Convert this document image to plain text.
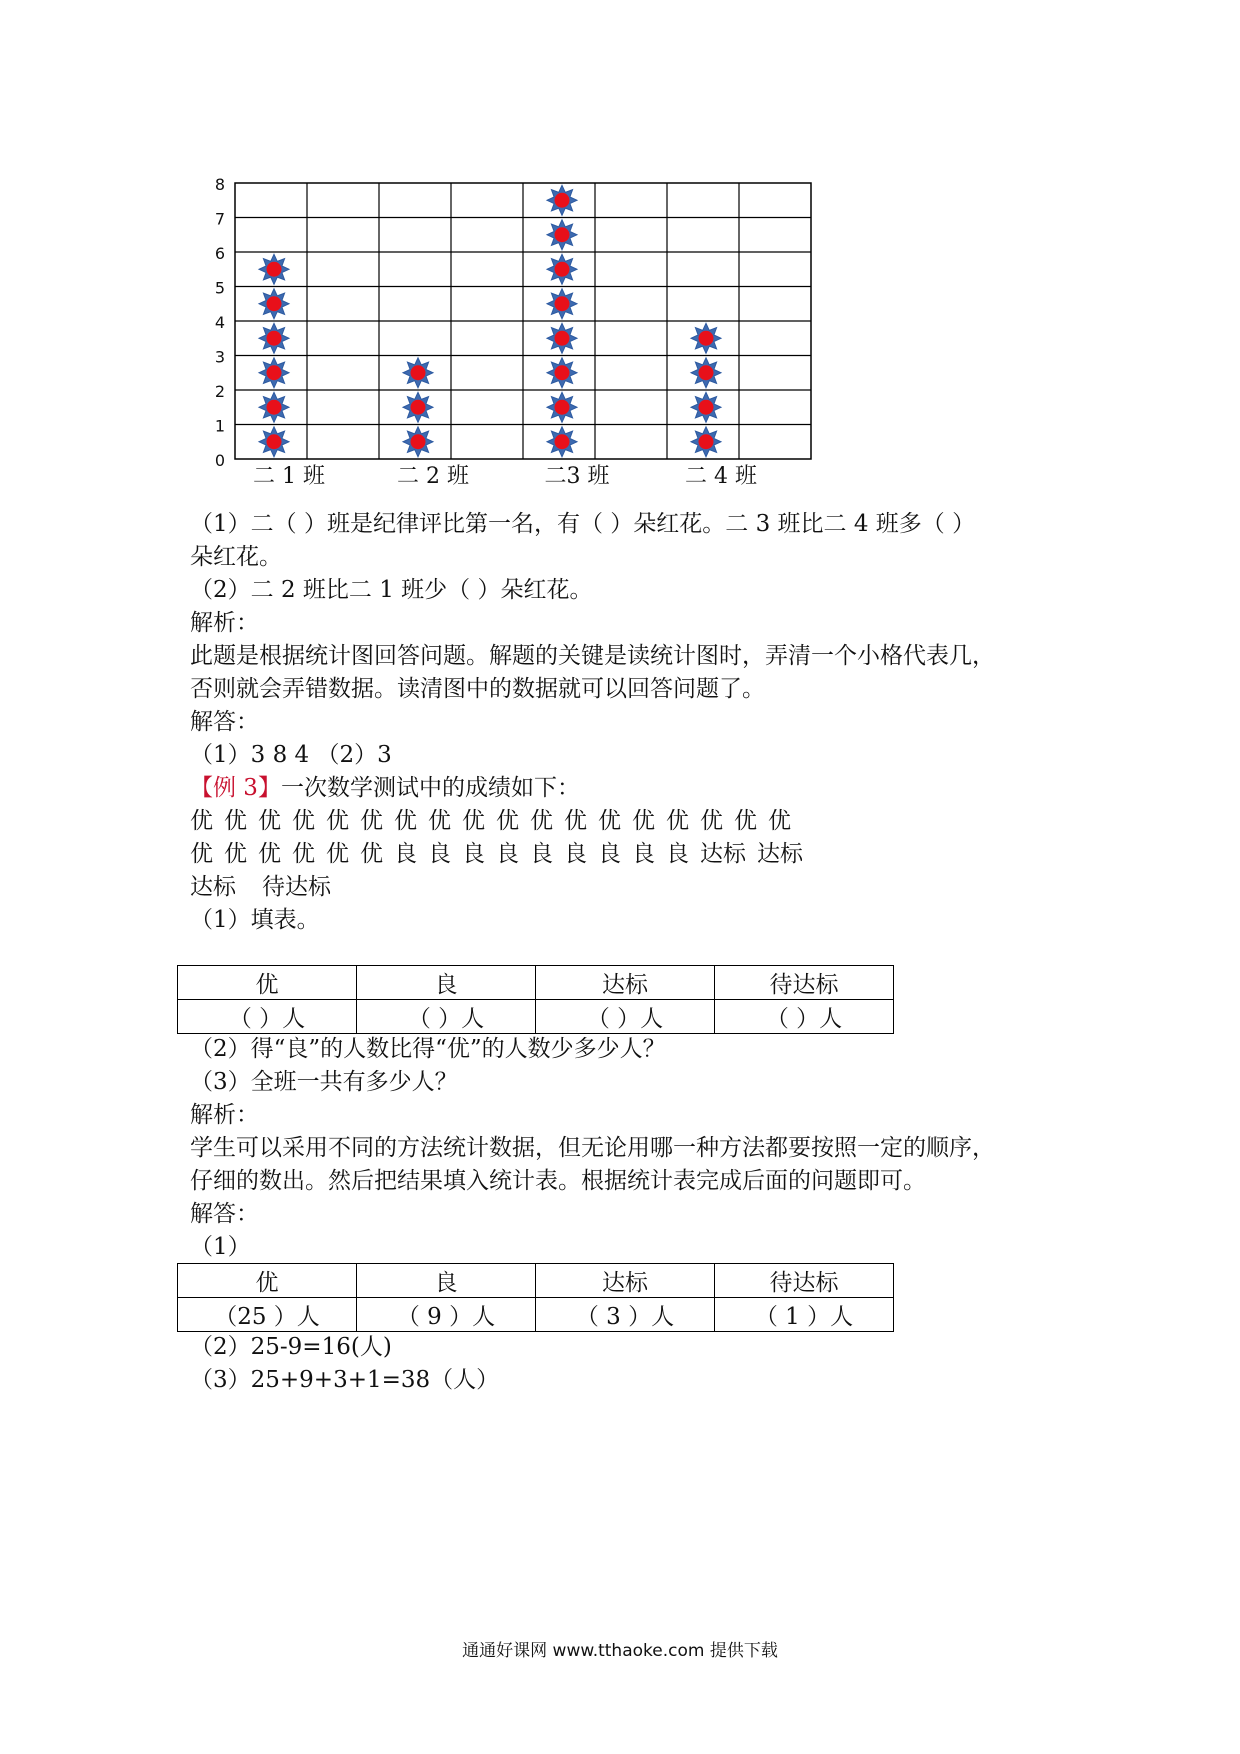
0
1
2
3
4
5
6
7
8
二 1 班	二 2 班	二3 班	二 4 班
（1）二（ ）班是纪律评比第一名，有（ ）朵红花。二 3 班比二 4 班多（ ）
朵红花。
（2）二 2 班比二 1 班少（ ）朵红花。
解析：
此题是根据统计图回答问题。解题的关键是读统计图时，弄清一个小格代表几，
否则就会弄错数据。读清图中的数据就可以回答问题了。
解答：
（1）3 8 4 （2）3
【例 3】一次数学测试中的成绩如下：
优 优 优 优 优 优 优 优 优 优 优 优 优 优 优 优 优 优
优 优 优 优 优 优 良 良 良 良 良 良 良 良 良 达标 达标
达标 待达标
（1）填表。
优	良	达标	待达标
（ ）人	（ ）人	（ ）人	（ ）人
（2）得“良”的人数比得“优”的人数少多少人？
（3）全班一共有多少人？
解析：
学生可以采用不同的方法统计数据，但无论用哪一种方法都要按照一定的顺序，
仔细的数出。然后把结果填入统计表。根据统计表完成后面的问题即可。
解答：
（1）
优	良	达标	待达标
（25 ）人	（ 9 ）人	（ 3 ）人	（ 1 ）人
（2）25-9=16(人)
（3）25+9+3+1=38（人）
通通好课网 www.tthaoke.com 提供下载
